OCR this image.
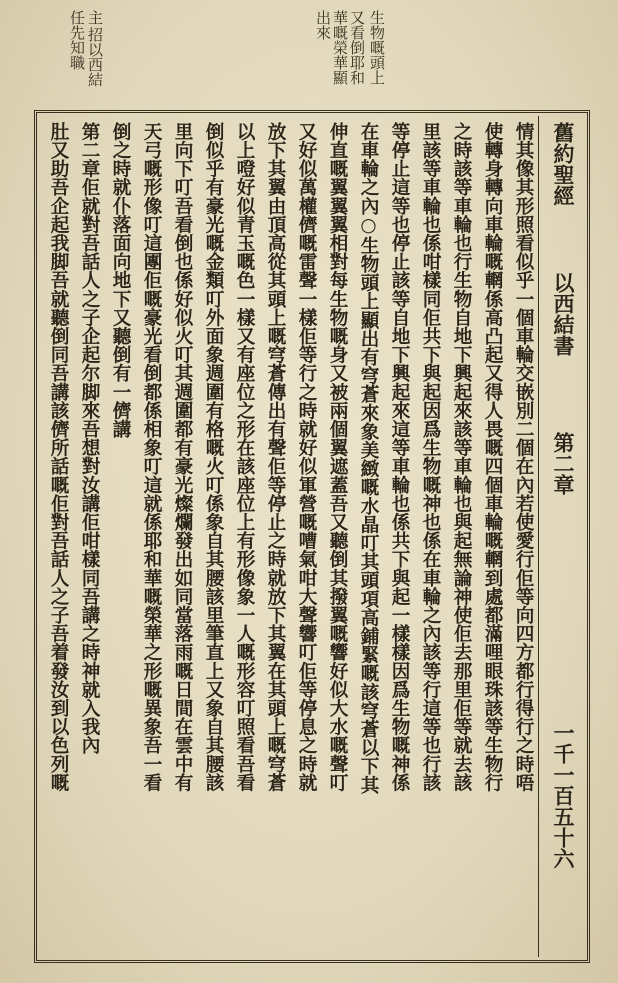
生物嘅頭上
又看倒耶和
華嘅榮華顯
出來
主
招以西結
任先知職
舊約聖經
以西結書
第二章
一千一百五十六
情其像其形照看似乎一個車輪交嵌別二個在內若使愛行佢等向四方都行得行之時唔
使轉身轉向車輪嘅輞係高凸起又得人畏嘅四個車輪嘅輞到處都滿哩眼珠該等生物行
之時該等車輪也行生物自地下興起來該等車輪也與起無論神使佢去那里佢等就去該
里該等車輪也係咁樣同佢共下與起因爲生物嘅神也係在車輪之內該等行這等也行該
等停止這等也停止該等自地下興起來這等車輪也係共下與起一樣樣因爲生物嘅神係
在車輪之內○生物頭上顯出有穹蒼來象美緻嘅水晶叮其頭項高鋪緊嘅該穹蒼以下其
伸直嘅翼翼翼相對每生物嘅身又被兩個翼遮蓋吾又聽倒其撥翼嘅響好似大水嘅聲叮
又好似萬權儕嘅雷聲一樣佢等行之時就好似軍營嘅嘈氣咁大聲響叮佢等停息之時就
放下其翼由頂高從其頭上嘅穹蒼傳出有聲佢等停止之時就放下其翼在其頭上嘅穹蒼
以上噔好似青玉嘅色一樣又有座位之形在該座位上有形像象一人嘅形容叮照看吾看
倒似乎有豪光嘅金類叮外面象週圍有格嘅火叮係象自其腰該里筆直上又象自其腰該
里向下叮吾看倒也係好似火叮其週圍都有豪光燦爛發出如同當落雨嘅日間在雲中有
天弓嘅形像叮這團佢嘅豪光看倒都係相象叮這就係耶和華嘅榮華之形嘅異象吾一看
倒之時就仆落面向地下又聽倒有一儕講
第二章佢就對吾話人之子企起尔脚來吾想對汝講佢咁樣同吾講之時神就入我內
肚又助吾企起我脚吾就聽倒同吾講該儕所話嘅佢對吾話人之子吾着發汝到以色列嘅
